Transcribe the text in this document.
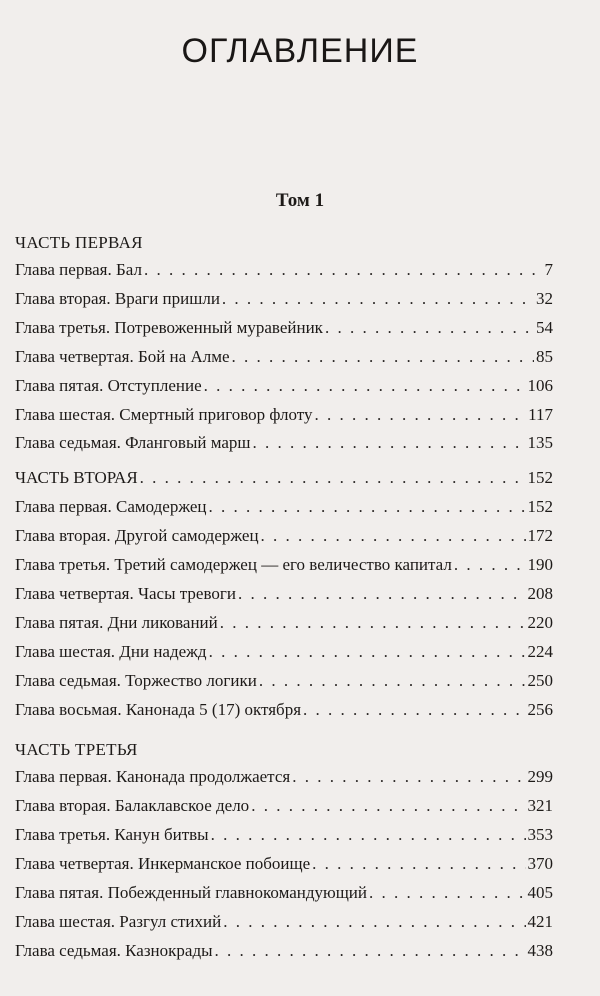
ОГЛАВЛЕНИЕ
Том 1
ЧАСТЬ ПЕРВАЯ
Глава первая. Бал . . .	7
Глава вторая. Враги пришли . . .	32
Глава третья. Потревоженный муравейник . . .	54
Глава четвертая. Бой на Алме . . .	85
Глава пятая. Отступление . . .	106
Глава шестая. Смертный приговор флоту . . .	117
Глава седьмая. Фланговый марш . . .	135
ЧАСТЬ ВТОРАЯ . . .	152
Глава первая. Самодержец . . .	152
Глава вторая. Другой самодержец . . .	172
Глава третья. Третий самодержец — его величество капитал . . .	190
Глава четвертая. Часы тревоги . . .	208
Глава пятая. Дни ликований . . .	220
Глава шестая. Дни надежд . . .	224
Глава седьмая. Торжество логики . . .	250
Глава восьмая. Канонада 5 (17) октября . . .	256
ЧАСТЬ ТРЕТЬЯ
Глава первая. Канонада продолжается . . .	299
Глава вторая. Балаклавское дело . . .	321
Глава третья. Канун битвы . . .	353
Глава четвертая. Инкерманское побоище . . .	370
Глава пятая. Побежденный главнокомандующий . . .	405
Глава шестая. Разгул стихий . . .	421
Глава седьмая. Казнокрады . . .	438
